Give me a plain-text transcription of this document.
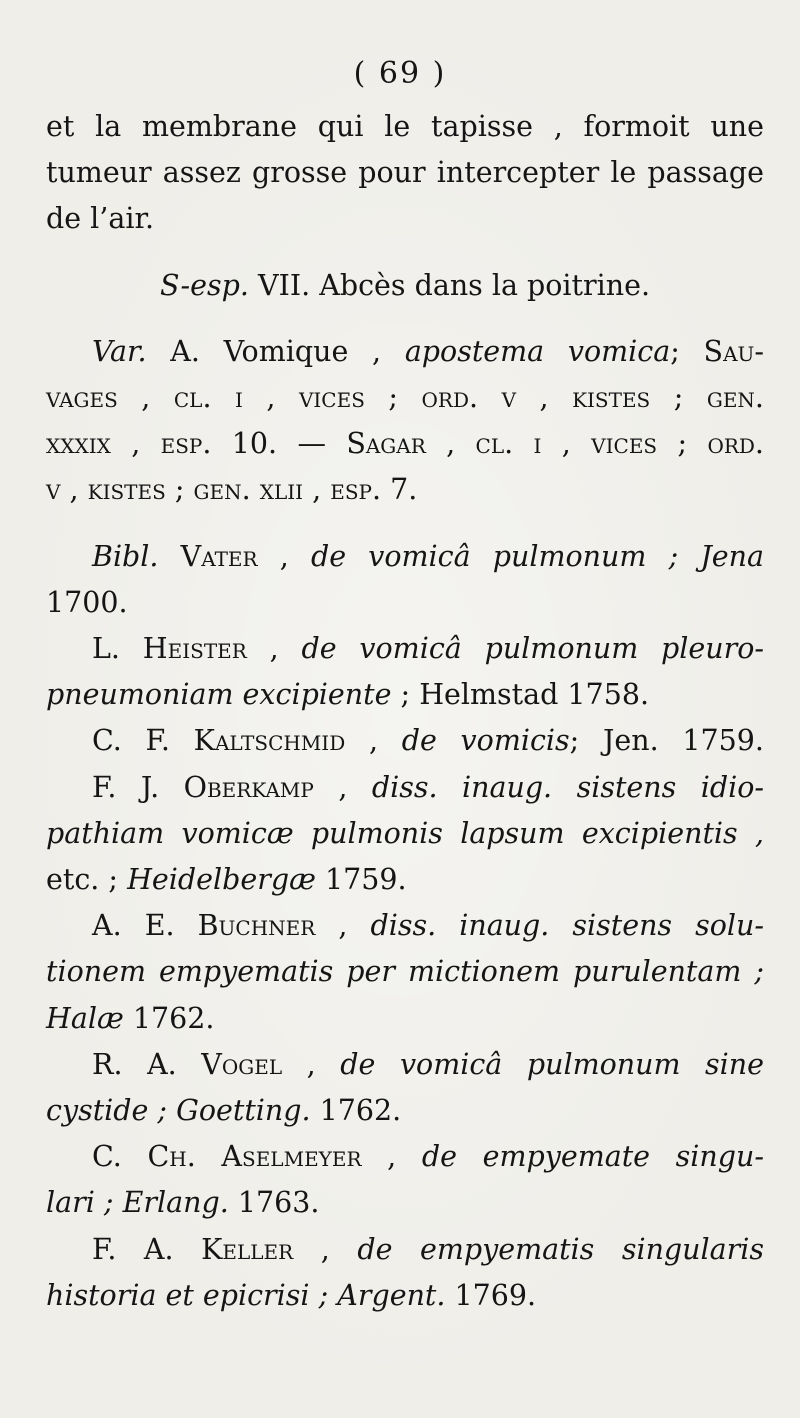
( 69 )

et la membrane qui le tapisse , formoit une
tumeur assez grosse pour intercepter le passage
de l’air.

S-esp. VII. Abcès dans la poitrine.

Var. A. Vomique , apostema vomica; Sau-
vages , cl. i , vices ; ord. v , kistes ; gen.
xxxix , esp. 10. — Sagar , cl. i , vices ; ord.
v , kistes ; gen. xlii , esp. 7.

Bibl. Vater , de vomicâ pulmonum ; Jena
1700.

L. Heister , de vomicâ pulmonum pleuro-
pneumoniam excipiente ; Helmstad 1758.

C. F. Kaltschmid , de vomicis; Jen. 1759.

F. J. Oberkamp , diss. inaug. sistens idio-
pathiam vomicæ pulmonis lapsum excipientis ,
etc. ; Heidelbergæ 1759.

A. E. Buchner , diss. inaug. sistens solu-
tionem empyematis per mictionem purulentam ;
Halæ 1762.

R. A. Vogel , de vomicâ pulmonum sine
cystide ; Goetting. 1762.

C. Ch. Aselmeyer , de empyemate singu-
lari ; Erlang. 1763.

F. A. Keller , de empyematis singularis
historia et epicrisi ; Argent. 1769.
